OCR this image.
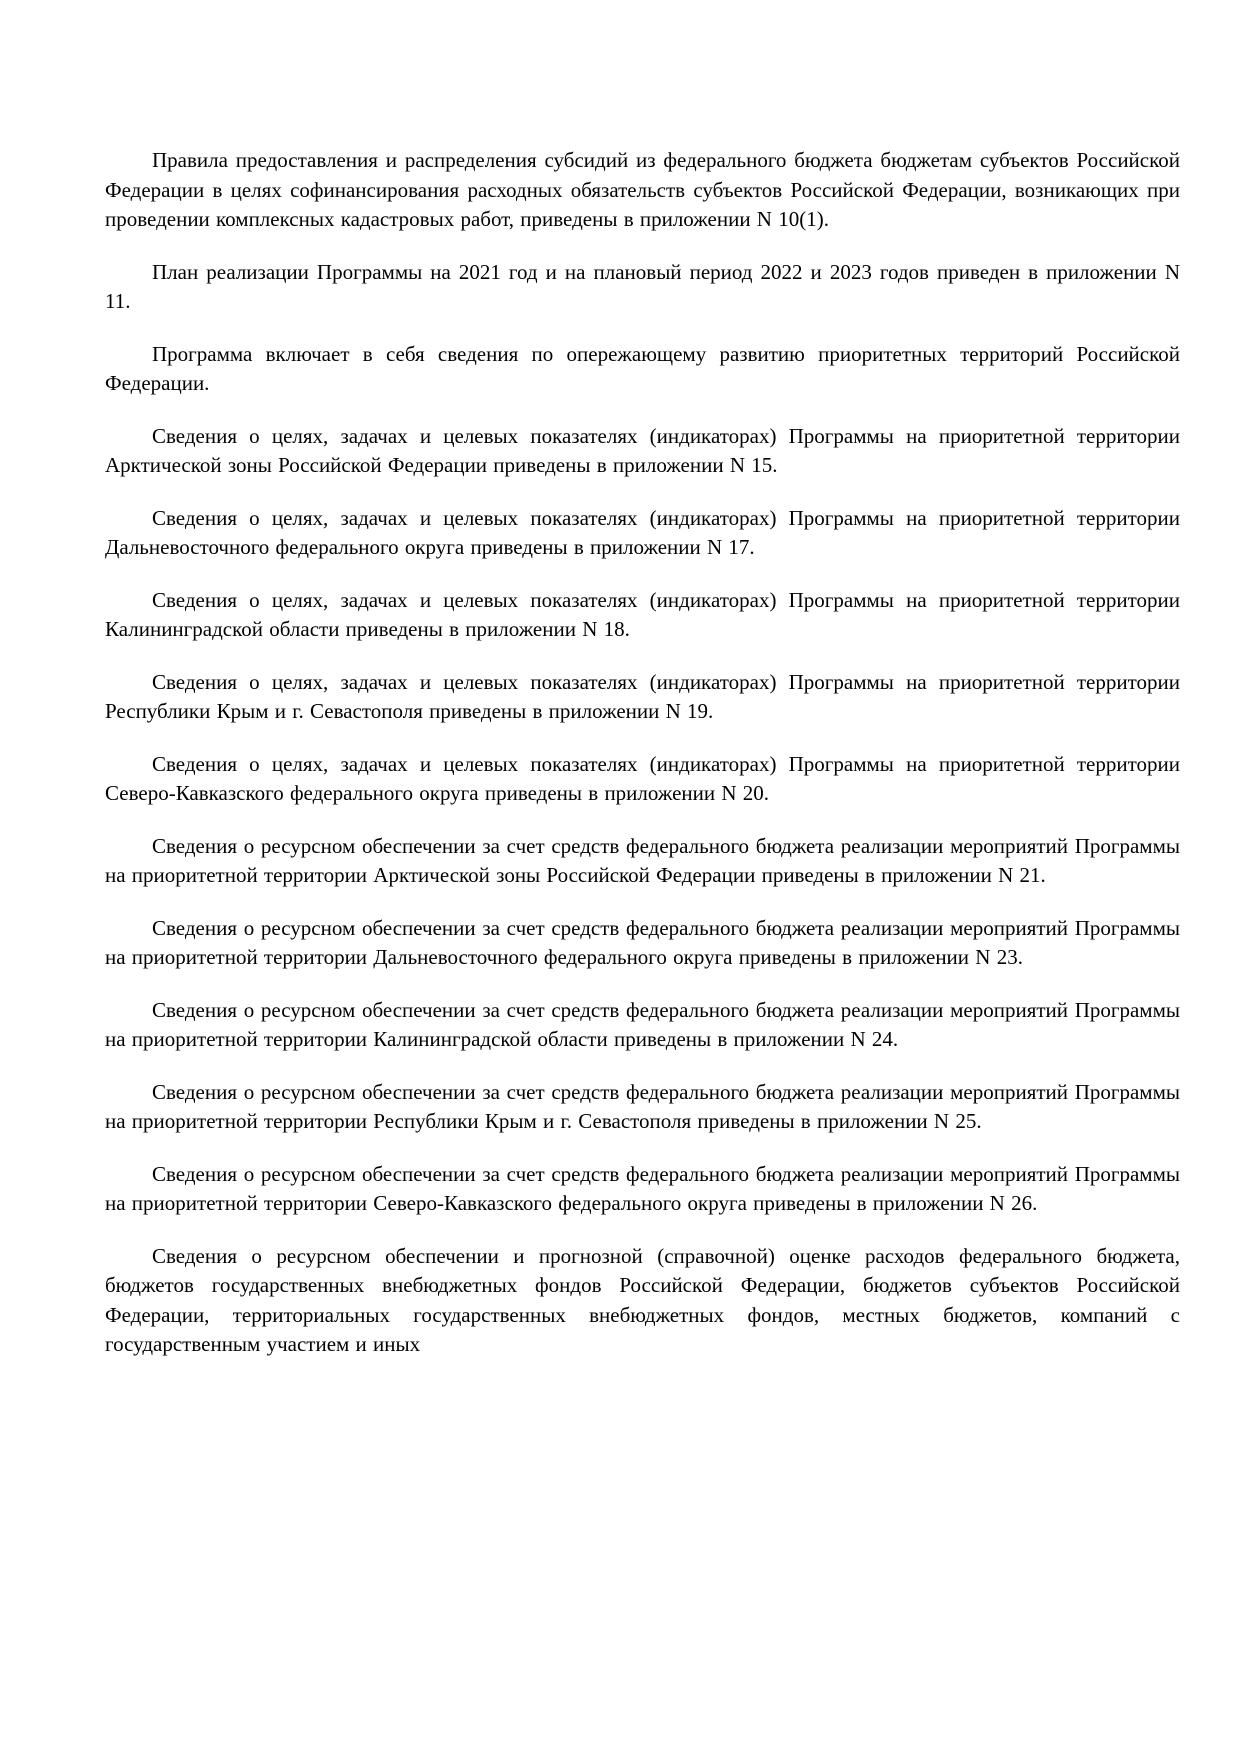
Правила предоставления и распределения субсидий из федерального бюджета бюджетам субъектов Российской Федерации в целях софинансирования расходных обязательств субъектов Российской Федерации, возникающих при проведении комплексных кадастровых работ, приведены в приложении N 10(1).

План реализации Программы на 2021 год и на плановый период 2022 и 2023 годов приведен в приложении N 11.

Программа включает в себя сведения по опережающему развитию приоритетных территорий Российской Федерации.

Сведения о целях, задачах и целевых показателях (индикаторах) Программы на приоритетной территории Арктической зоны Российской Федерации приведены в приложении N 15.

Сведения о целях, задачах и целевых показателях (индикаторах) Программы на приоритетной территории Дальневосточного федерального округа приведены в приложении N 17.

Сведения о целях, задачах и целевых показателях (индикаторах) Программы на приоритетной территории Калининградской области приведены в приложении N 18.

Сведения о целях, задачах и целевых показателях (индикаторах) Программы на приоритетной территории Республики Крым и г. Севастополя приведены в приложении N 19.

Сведения о целях, задачах и целевых показателях (индикаторах) Программы на приоритетной территории Северо-Кавказского федерального округа приведены в приложении N 20.

Сведения о ресурсном обеспечении за счет средств федерального бюджета реализации мероприятий Программы на приоритетной территории Арктической зоны Российской Федерации приведены в приложении N 21.

Сведения о ресурсном обеспечении за счет средств федерального бюджета реализации мероприятий Программы на приоритетной территории Дальневосточного федерального округа приведены в приложении N 23.

Сведения о ресурсном обеспечении за счет средств федерального бюджета реализации мероприятий Программы на приоритетной территории Калининградской области приведены в приложении N 24.

Сведения о ресурсном обеспечении за счет средств федерального бюджета реализации мероприятий Программы на приоритетной территории Республики Крым и г. Севастополя приведены в приложении N 25.

Сведения о ресурсном обеспечении за счет средств федерального бюджета реализации мероприятий Программы на приоритетной территории Северо-Кавказского федерального округа приведены в приложении N 26.

Сведения о ресурсном обеспечении и прогнозной (справочной) оценке расходов федерального бюджета, бюджетов государственных внебюджетных фондов Российской Федерации, бюджетов субъектов Российской Федерации, территориальных государственных внебюджетных фондов, местных бюджетов, компаний с государственным участием и иных
